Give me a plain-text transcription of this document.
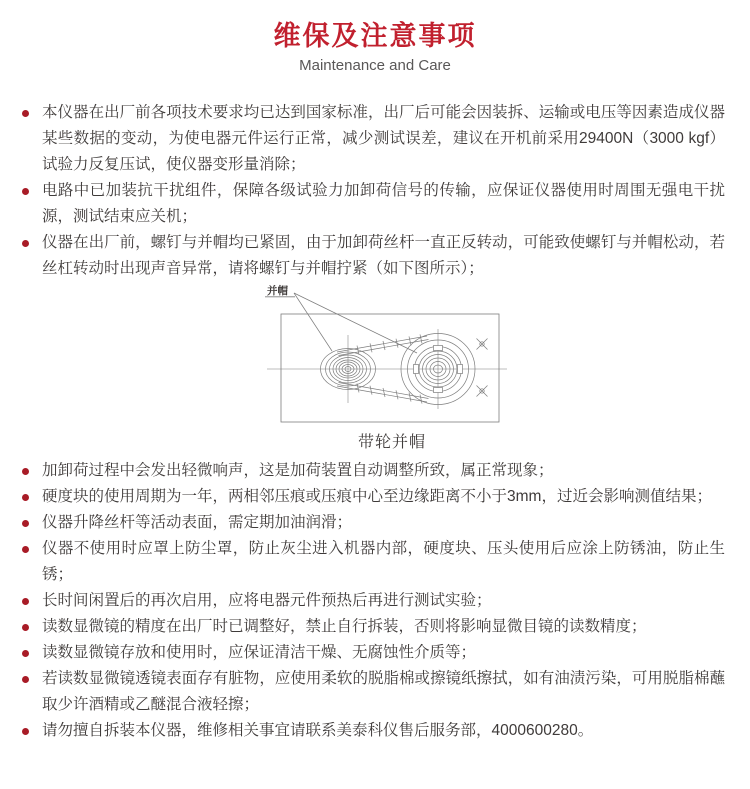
维保及注意事项
Maintenance and Care
本仪器在出厂前各项技术要求均已达到国家标准，出厂后可能会因装拆、运输或电压等因素造成仪器某些数据的变动，为使电器元件运行正常，减少测试误差，建议在开机前采用29400N（3000 kgf）试验力反复压试，使仪器变形量消除；
电路中已加装抗干扰组件，保障各级试验力加卸荷信号的传输，应保证仪器使用时周围无强电干扰源，测试结束应关机；
仪器在出厂前，螺钉与并帽均已紧固，由于加卸荷丝杆一直正反转动，可能致使螺钉与并帽松动，若丝杠转动时出现声音异常，请将螺钉与并帽拧紧（如下图所示）；
并帽
带轮并帽
加卸荷过程中会发出轻微响声，这是加荷装置自动调整所致，属正常现象；
硬度块的使用周期为一年，两相邻压痕或压痕中心至边缘距离不小于3mm，过近会影响测值结果；
仪器升降丝杆等活动表面，需定期加油润滑；
仪器不使用时应罩上防尘罩，防止灰尘进入机器内部，硬度块、压头使用后应涂上防锈油，防止生锈；
长时间闲置后的再次启用，应将电器元件预热后再进行测试实验；
读数显微镜的精度在出厂时已调整好，禁止自行拆装，否则将影响显微目镜的读数精度；
读数显微镜存放和使用时，应保证清洁干燥、无腐蚀性介质等；
若读数显微镜透镜表面存有脏物，应使用柔软的脱脂棉或擦镜纸擦拭，如有油渍污染，可用脱脂棉蘸取少许酒精或乙醚混合液轻擦；
请勿擅自拆装本仪器，维修相关事宜请联系美泰科仪售后服务部，4000600280。
